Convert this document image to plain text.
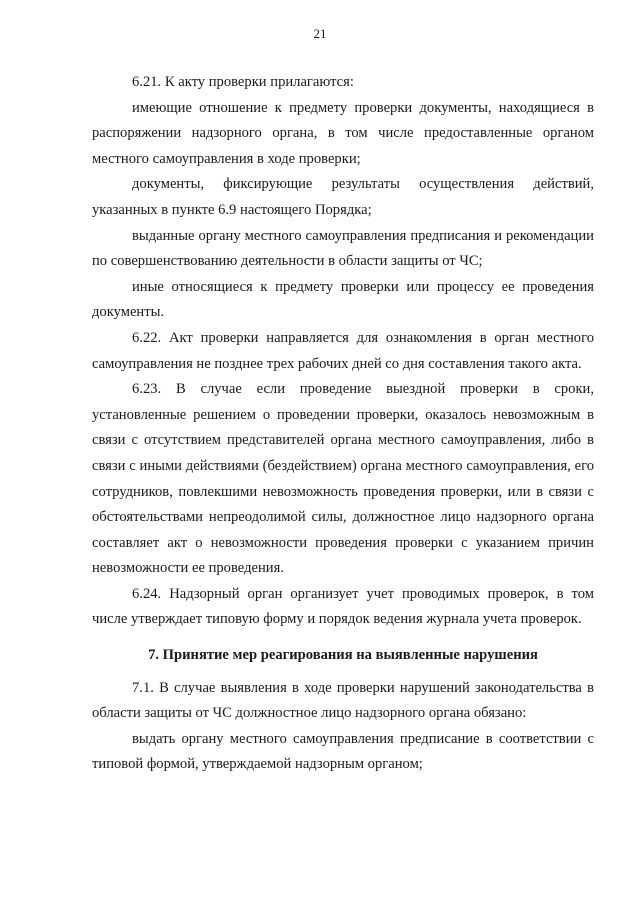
21

6.21. К акту проверки прилагаются:

имеющие отношение к предмету проверки документы, находящиеся в распоряжении надзорного органа, в том числе предоставленные органом местного самоуправления в ходе проверки;

документы, фиксирующие результаты осуществления действий, указанных в пункте 6.9 настоящего Порядка;

выданные органу местного самоуправления предписания и рекомендации по совершенствованию деятельности в области защиты от ЧС;

иные относящиеся к предмету проверки или процессу ее проведения документы.

6.22. Акт проверки направляется для ознакомления в орган местного самоуправления не позднее трех рабочих дней со дня составления такого акта.

6.23. В случае если проведение выездной проверки в сроки, установленные решением о проведении проверки, оказалось невозможным в связи с отсутствием представителей органа местного самоуправления, либо в связи с иными действиями (бездействием) органа местного самоуправления, его сотрудников, повлекшими невозможность проведения проверки, или в связи с обстоятельствами непреодолимой силы, должностное лицо надзорного органа составляет акт о невозможности проведения проверки с указанием причин невозможности ее проведения.

6.24. Надзорный орган организует учет проводимых проверок, в том числе утверждает типовую форму и порядок ведения журнала учета проверок.

7. Принятие мер реагирования на выявленные нарушения

7.1. В случае выявления в ходе проверки нарушений законодательства в области защиты от ЧС должностное лицо надзорного органа обязано:

выдать органу местного самоуправления предписание в соответствии с типовой формой, утверждаемой надзорным органом;
